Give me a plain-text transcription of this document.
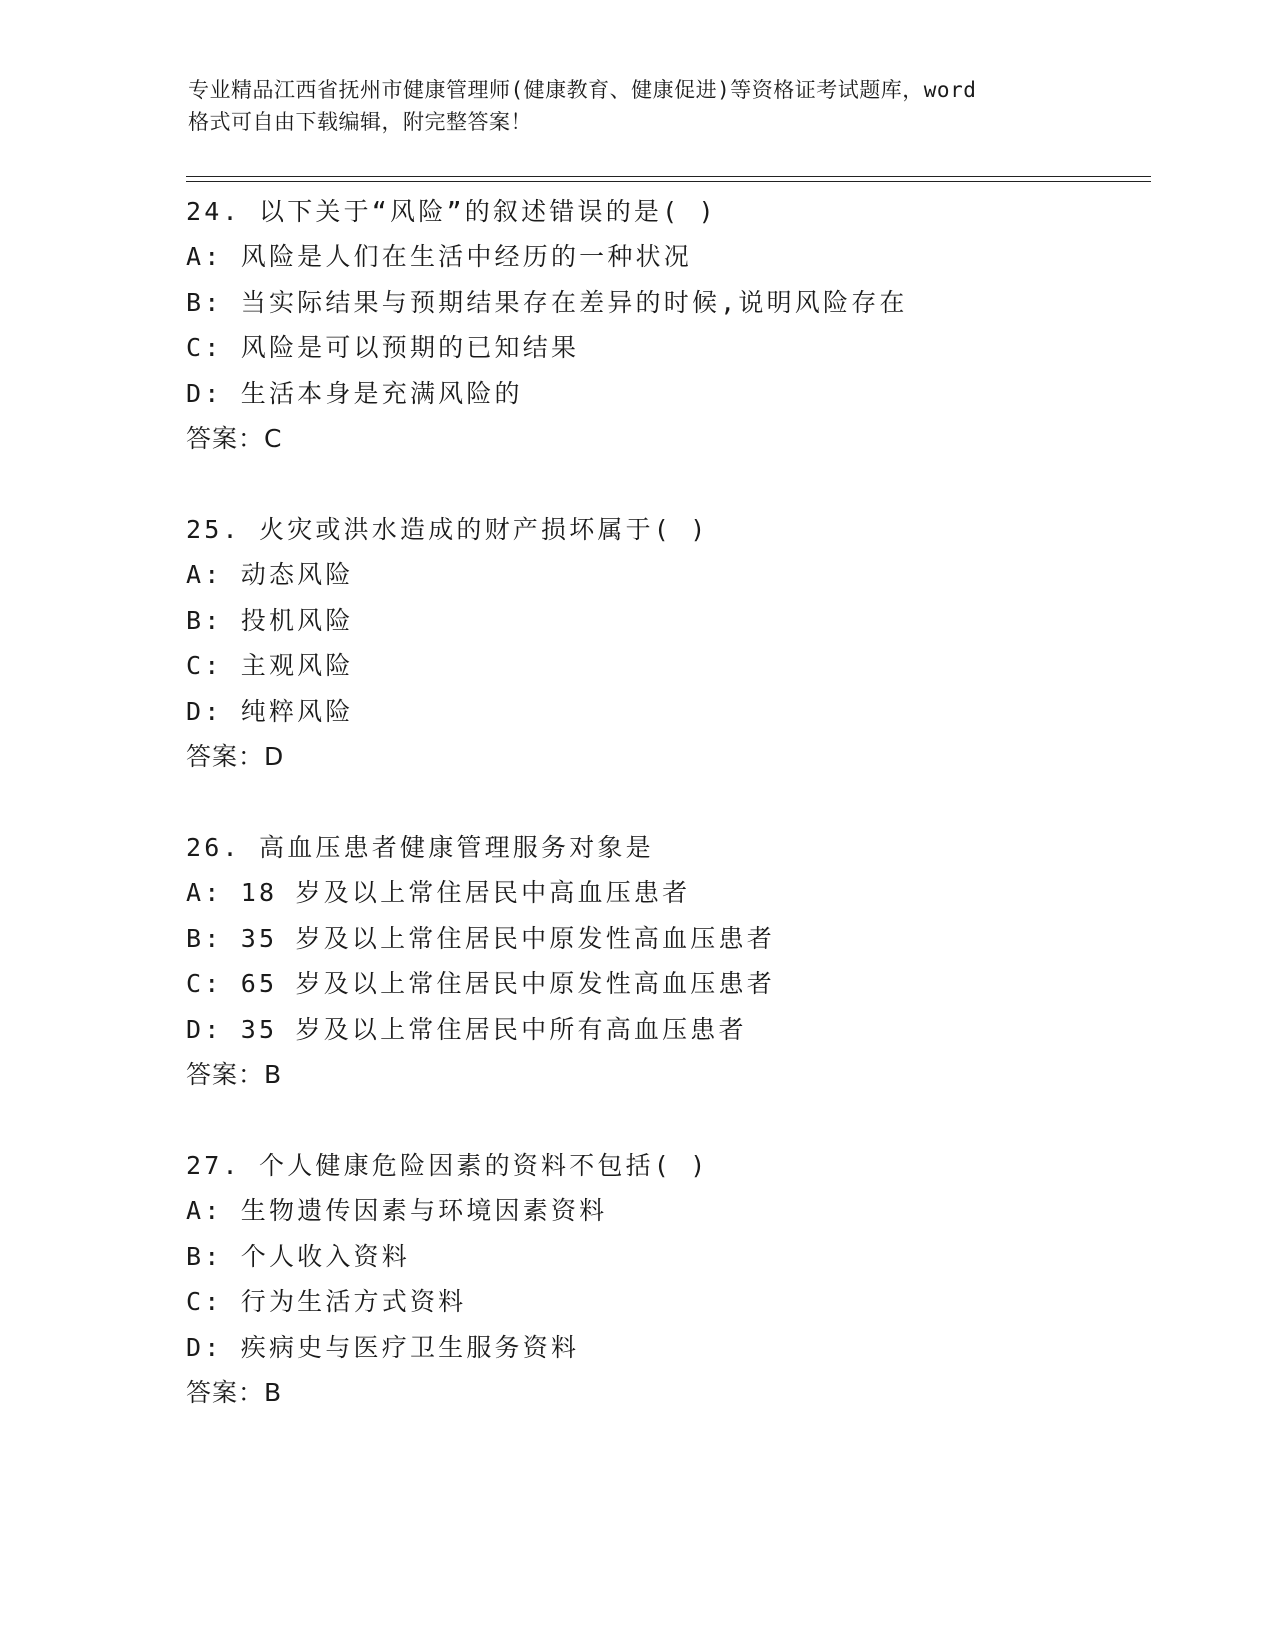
专业精品江西省抚州市健康管理师(健康教育、健康促进)等资格证考试题库，word
格式可自由下载编辑，附完整答案！
24. 以下关于“风险”的叙述错误的是( )
A: 风险是人们在生活中经历的一种状况
B: 当实际结果与预期结果存在差异的时候,说明风险存在
C: 风险是可以预期的已知结果
D: 生活本身是充满风险的
答案：C
25. 火灾或洪水造成的财产损坏属于( )
A: 动态风险
B: 投机风险
C: 主观风险
D: 纯粹风险
答案：D
26. 高血压患者健康管理服务对象是
A: 18 岁及以上常住居民中高血压患者
B: 35 岁及以上常住居民中原发性高血压患者
C: 65 岁及以上常住居民中原发性高血压患者
D: 35 岁及以上常住居民中所有高血压患者
答案：B
27. 个人健康危险因素的资料不包括( )
A: 生物遗传因素与环境因素资料
B: 个人收入资料
C: 行为生活方式资料
D: 疾病史与医疗卫生服务资料
答案：B
